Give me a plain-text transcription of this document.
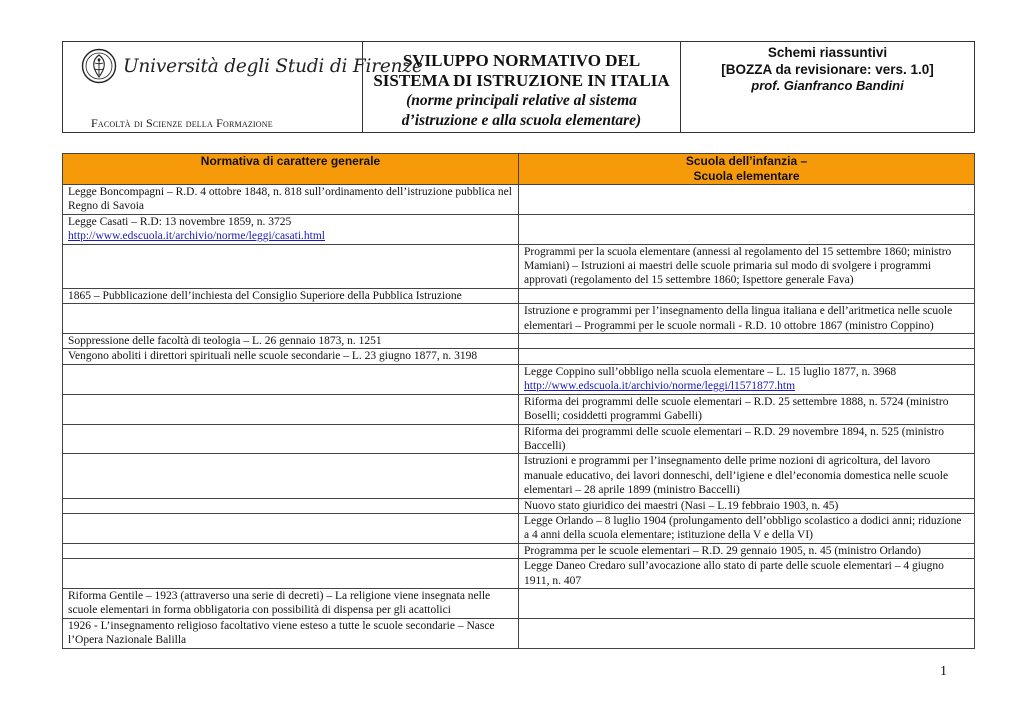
Università degli Studi di Firenze
Facoltà di Scienze della Formazione
SVILUPPO NORMATIVO DEL
SISTEMA DI ISTRUZIONE IN ITALIA
(norme principali relative al sistema
d’istruzione e alla scuola elementare)
Schemi riassuntivi
[BOZZA da revisionare: vers. 1.0]
prof. Gianfranco Bandini
Normativa di carattere generale	Scuola dell’infanzia –
Scuola elementare

Legge Boncompagni – R.D. 4 ottobre 1848, n. 818 sull’ordinamento dell’istruzione pubblica nel Regno di Savoia	
Legge Casati – R.D: 13 novembre 1859, n. 3725
http://www.edscuola.it/archivio/norme/leggi/casati.html	
	Programmi per la scuola elementare (annessi al regolamento del 15 settembre 1860; ministro Mamiani) – Istruzioni ai maestri delle scuole primaria sul modo di svolgere i programmi approvati (regolamento del 15 settembre 1860; Ispettore generale Fava)
1865 – Pubblicazione dell’inchiesta del Consiglio Superiore della Pubblica Istruzione	
	Istruzione e programmi per l’insegnamento della lingua italiana e dell’aritmetica nelle scuole elementari – Programmi per le scuole normali - R.D. 10 ottobre 1867 (ministro Coppino)
Soppressione delle facoltà di teologia – L. 26 gennaio 1873, n. 1251	
Vengono aboliti i direttori spirituali nelle scuole secondarie – L. 23 giugno 1877, n. 3198	
	Legge Coppino sull’obbligo nella scuola elementare – L. 15 luglio 1877, n. 3968
http://www.edscuola.it/archivio/norme/leggi/l1571877.htm
	Riforma dei programmi delle scuole elementari – R.D. 25 settembre 1888, n. 5724 (ministro Boselli; cosiddetti programmi Gabelli)
	Riforma dei programmi delle scuole elementari – R.D. 29 novembre 1894, n. 525 (ministro Baccelli)
	Istruzioni e programmi per l’insegnamento delle prime nozioni di agricoltura, del lavoro manuale educativo, dei lavori donneschi, dell’igiene e dlel’economia domestica nelle scuole elementari – 28 aprile 1899 (ministro Baccelli)
	Nuovo stato giuridico dei maestri (Nasi – L.19 febbraio 1903, n. 45)
	Legge Orlando – 8 luglio 1904 (prolungamento dell’obbligo scolastico a dodici anni; riduzione a 4 anni della scuola elementare; istituzione della V e della VI)
	Programma per le scuole elementari – R.D. 29 gennaio 1905, n. 45 (ministro Orlando)
	Legge Daneo Credaro sull’avocazione allo stato di parte delle scuole elementari – 4 giugno 1911, n. 407
Riforma Gentile – 1923 (attraverso una serie di decreti) – La religione viene insegnata nelle scuole elementari in forma obbligatoria con possibilità di dispensa per gli acattolici	
1926 - L’insegnamento religioso facoltativo viene esteso a tutte le scuole secondarie – Nasce l’Opera Nazionale Balilla	
1
